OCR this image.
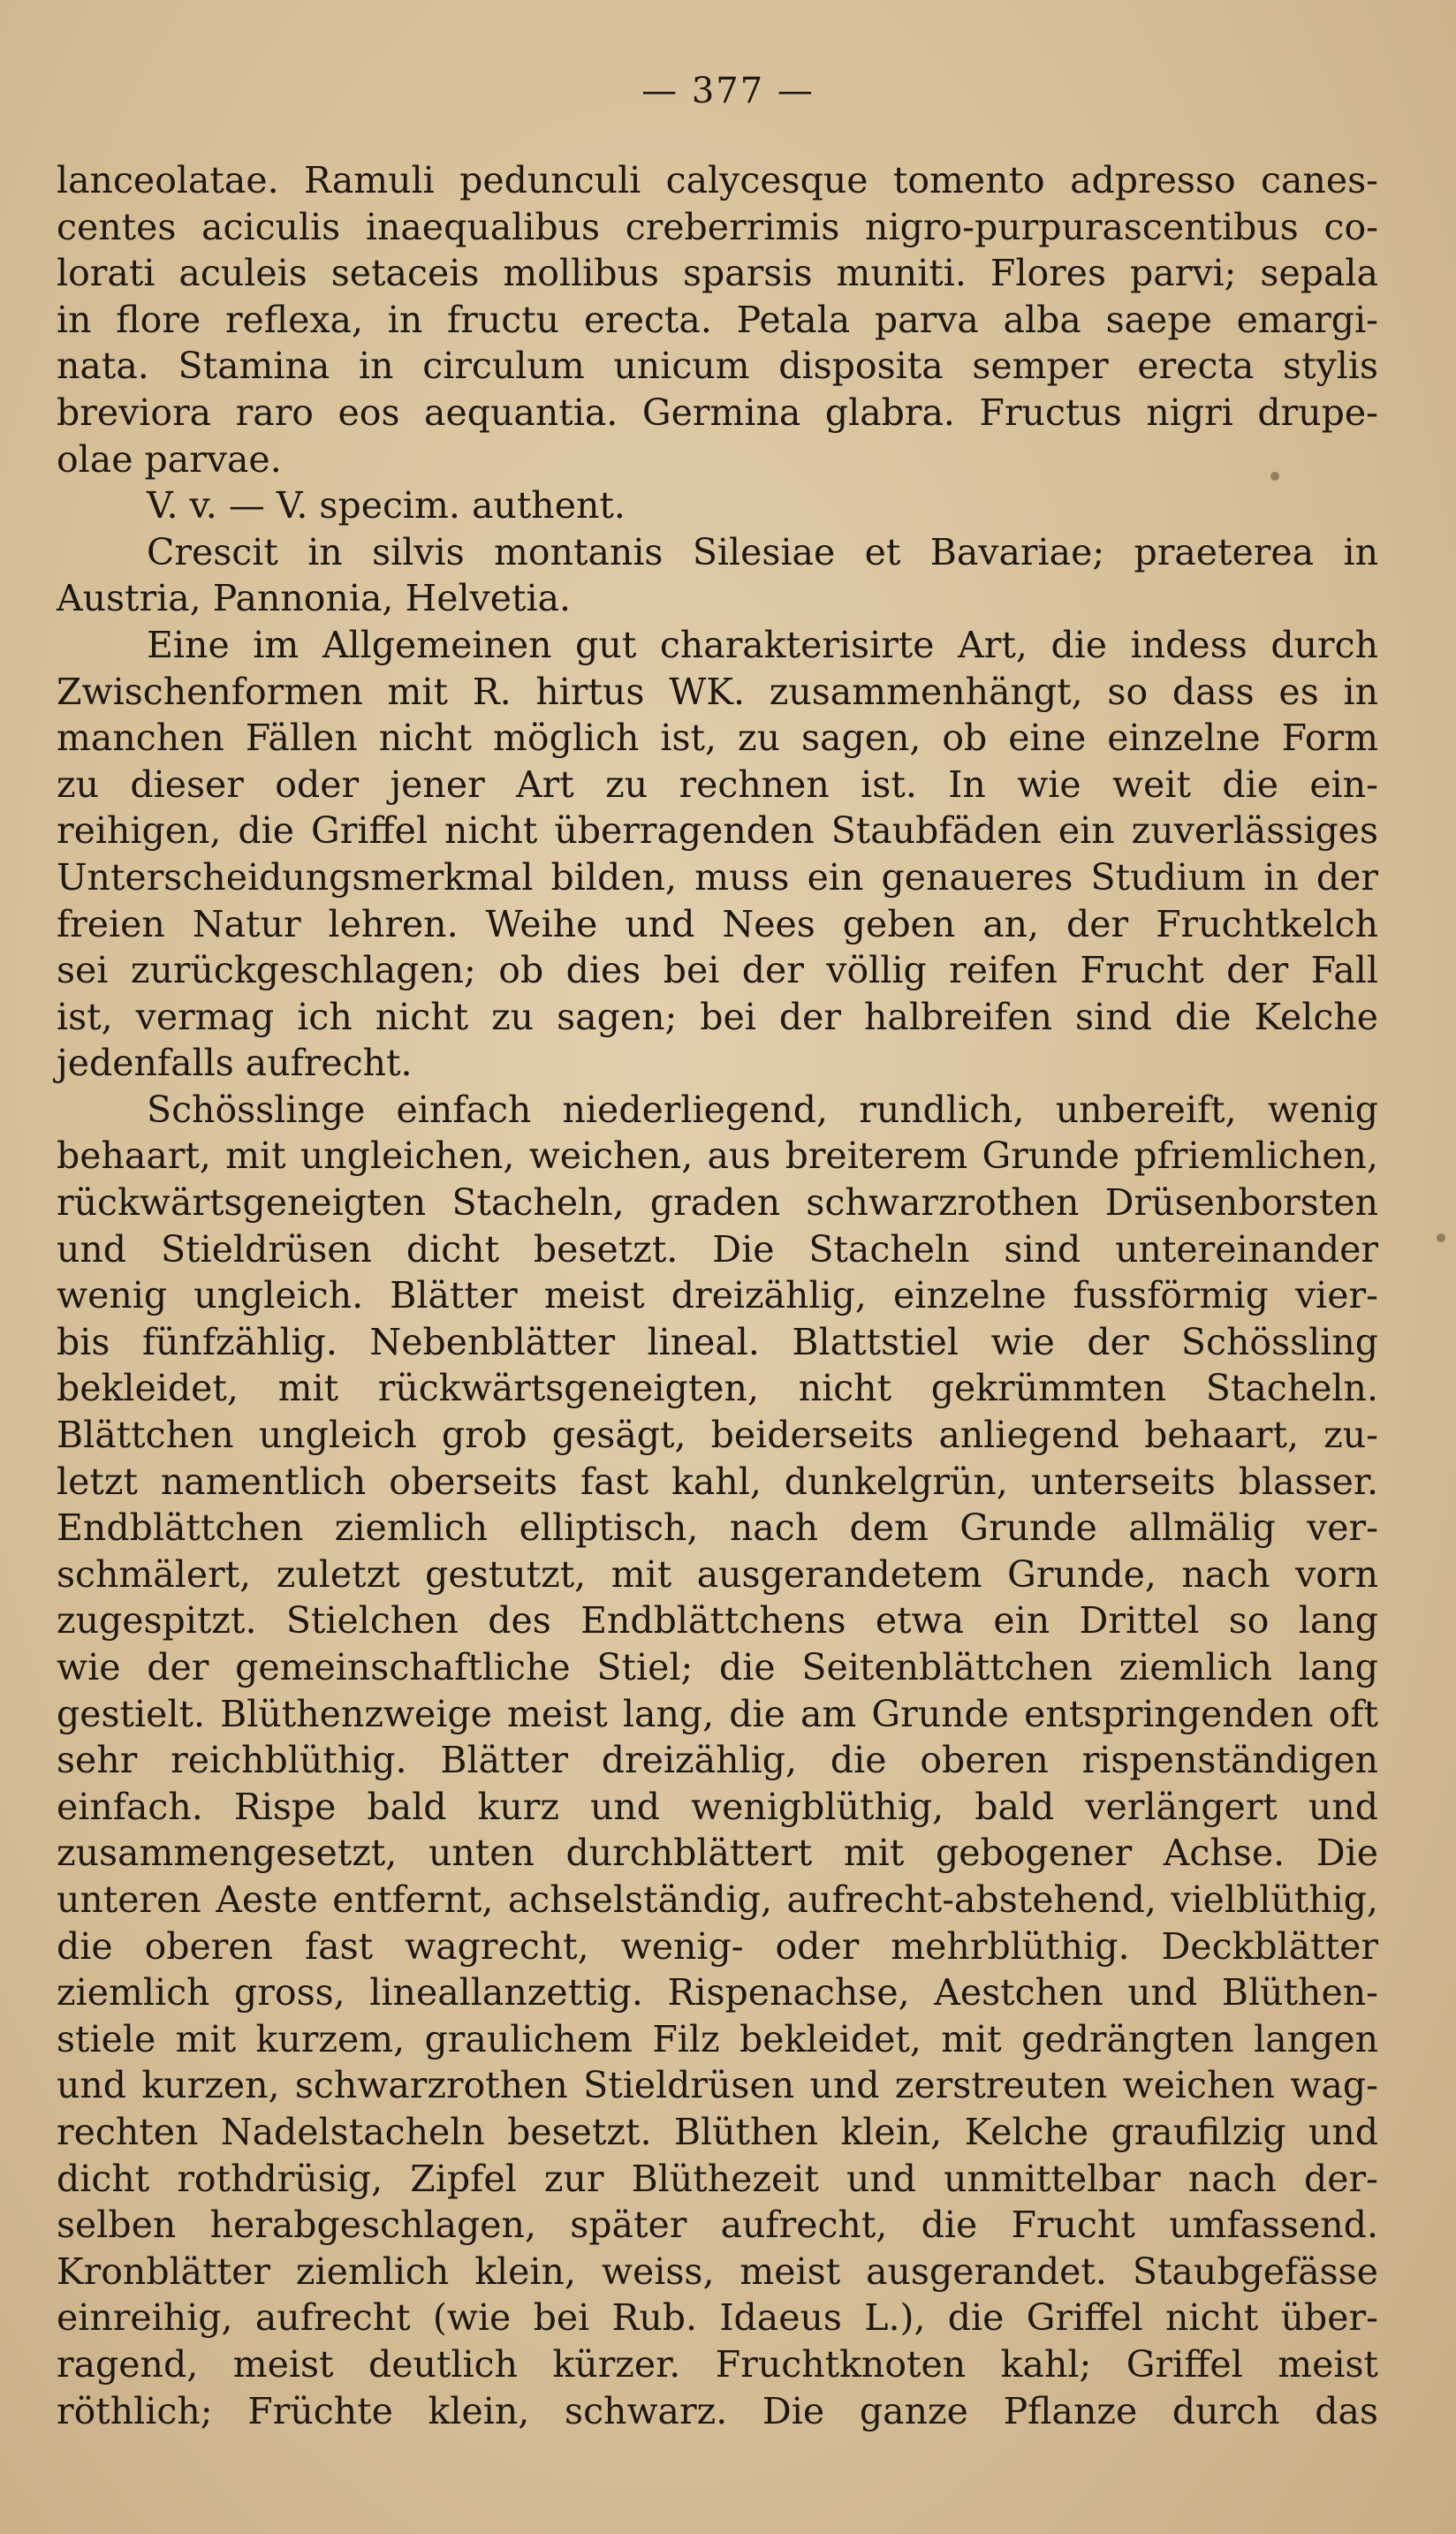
— 377 —
lanceolatae. Ramuli pedunculi calycesque tomento adpresso canes-
centes aciculis inaequalibus creberrimis nigro-purpurascentibus co-
lorati aculeis setaceis mollibus sparsis muniti. Flores parvi; sepala
in flore reflexa, in fructu erecta. Petala parva alba saepe emargi-
nata. Stamina in circulum unicum disposita semper erecta stylis
breviora raro eos aequantia. Germina glabra. Fructus nigri drupe-
olae parvae.
V. v. — V. specim. authent.
Crescit in silvis montanis Silesiae et Bavariae; praeterea in
Austria, Pannonia, Helvetia.
Eine im Allgemeinen gut charakterisirte Art, die indess durch
Zwischenformen mit R. hirtus WK. zusammenhängt, so dass es in
manchen Fällen nicht möglich ist, zu sagen, ob eine einzelne Form
zu dieser oder jener Art zu rechnen ist. In wie weit die ein-
reihigen, die Griffel nicht überragenden Staubfäden ein zuverlässiges
Unterscheidungsmerkmal bilden, muss ein genaueres Studium in der
freien Natur lehren. Weihe und Nees geben an, der Fruchtkelch
sei zurückgeschlagen; ob dies bei der völlig reifen Frucht der Fall
ist, vermag ich nicht zu sagen; bei der halbreifen sind die Kelche
jedenfalls aufrecht.
Schösslinge einfach niederliegend, rundlich, unbereift, wenig
behaart, mit ungleichen, weichen, aus breiterem Grunde pfriemlichen,
rückwärtsgeneigten Stacheln, graden schwarzrothen Drüsenborsten
und Stieldrüsen dicht besetzt. Die Stacheln sind untereinander
wenig ungleich. Blätter meist dreizählig, einzelne fussförmig vier-
bis fünfzählig. Nebenblätter lineal. Blattstiel wie der Schössling
bekleidet, mit rückwärtsgeneigten, nicht gekrümmten Stacheln.
Blättchen ungleich grob gesägt, beiderseits anliegend behaart, zu-
letzt namentlich oberseits fast kahl, dunkelgrün, unterseits blasser.
Endblättchen ziemlich elliptisch, nach dem Grunde allmälig ver-
schmälert, zuletzt gestutzt, mit ausgerandetem Grunde, nach vorn
zugespitzt. Stielchen des Endblättchens etwa ein Drittel so lang
wie der gemeinschaftliche Stiel; die Seitenblättchen ziemlich lang
gestielt. Blüthenzweige meist lang, die am Grunde entspringenden oft
sehr reichblüthig. Blätter dreizählig, die oberen rispenständigen
einfach. Rispe bald kurz und wenigblüthig, bald verlängert und
zusammengesetzt, unten durchblättert mit gebogener Achse. Die
unteren Aeste entfernt, achselständig, aufrecht-abstehend, vielblüthig,
die oberen fast wagrecht, wenig- oder mehrblüthig. Deckblätter
ziemlich gross, lineallanzettig. Rispenachse, Aestchen und Blüthen-
stiele mit kurzem, graulichem Filz bekleidet, mit gedrängten langen
und kurzen, schwarzrothen Stieldrüsen und zerstreuten weichen wag-
rechten Nadelstacheln besetzt. Blüthen klein, Kelche graufilzig und
dicht rothdrüsig, Zipfel zur Blüthezeit und unmittelbar nach der-
selben herabgeschlagen, später aufrecht, die Frucht umfassend.
Kronblätter ziemlich klein, weiss, meist ausgerandet. Staubgefässe
einreihig, aufrecht (wie bei Rub. Idaeus L.), die Griffel nicht über-
ragend, meist deutlich kürzer. Fruchtknoten kahl; Griffel meist
röthlich; Früchte klein, schwarz. Die ganze Pflanze durch das
